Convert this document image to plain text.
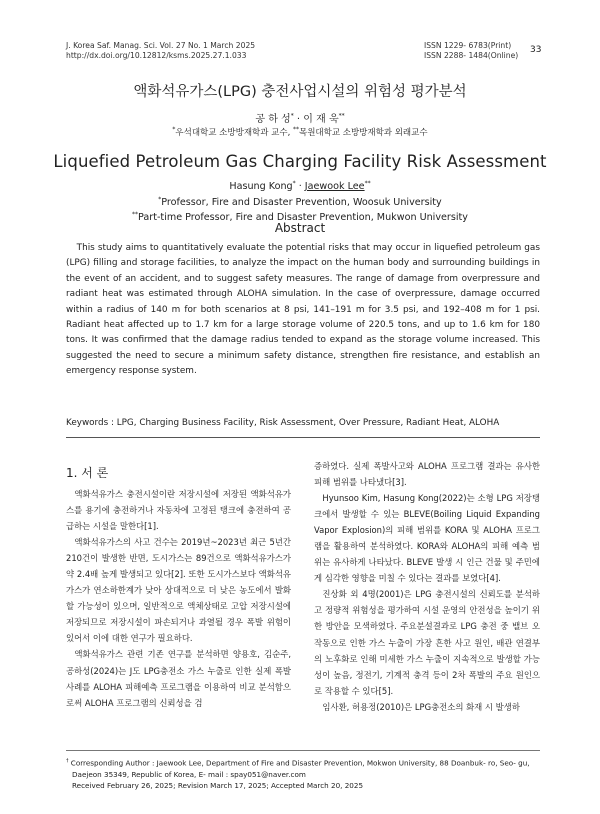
J. Korea Saf. Manag. Sci. Vol. 27 No. 1 March 2025
http://dx.doi.org/10.12812/ksms.2025.27.1.033
ISSN 1229- 6783(Print)
ISSN 2288- 1484(Online)
33
액화석유가스(LPG) 충전사업시설의 위험성 평가분석
공 하 성* · 이 재 욱**
*우석대학교 소방방재학과 교수, **목원대학교 소방방재학과 외래교수
Liquefied Petroleum Gas Charging Facility Risk Assessment
Hasung Kong* · Jaewook Lee**
*Professor, Fire and Disaster Prevention, Woosuk University
**Part-time Professor, Fire and Disaster Prevention, Mukwon University
Abstract
This study aims to quantitatively evaluate the potential risks that may occur in liquefied petroleum gas (LPG) filling and storage facilities, to analyze the impact on the human body and surrounding buildings in the event of an accident, and to suggest safety measures. The range of damage from overpressure and radiant heat was estimated through ALOHA simulation. In the case of overpressure, damage occurred within a radius of 140 m for both scenarios at 8 psi, 141–191 m for 3.5 psi, and 192–408 m for 1 psi. Radiant heat affected up to 1.7 km for a large storage volume of 220.5 tons, and up to 1.6 km for 180 tons. It was confirmed that the damage radius tended to expand as the storage volume increased. This suggested the need to secure a minimum safety distance, strengthen fire resistance, and establish an emergency response system.
Keywords : LPG, Charging Business Facility, Risk Assessment, Over Pressure, Radiant Heat, ALOHA
1. 서 론

액화석유가스 충전시설이란 저장시설에 저장된 액화석유가스를 용기에 충전하거나 자동차에 고정된 탱크에 충전하여 공급하는 시설을 말한다[1].

액화석유가스의 사고 건수는 2019년~2023년 최근 5년간 210건이 발생한 반면, 도시가스는 89건으로 액화석유가스가 약 2.4배 높게 발생되고 있다[2]. 또한 도시가스보다 액화석유가스가 연소하한계가 낮아 상대적으로 더 낮은 농도에서 발화할 가능성이 있으며, 일반적으로 액체상태로 고압 저장시설에 저장되므로 저장시설이 파손되거나 과열될 경우 폭발 위험이 있어서 이에 대한 연구가 필요하다.

액화석유가스 관련 기존 연구를 분석하면 양용호, 김순주, 공하성(2024)는 J도 LPG충전소 가스 누출로 인한 실제 폭발사례를 ALOHA 피해예측 프로그램을 이용하여 비교 분석함으로써 ALOHA 프로그램의 신뢰성을 검

증하였다. 실제 폭발사고와 ALOHA 프로그램 결과는 유사한 피해 범위를 나타냈다[3].

Hyunsoo Kim, Hasung Kong(2022)는 소형 LPG 저장탱크에서 발생할 수 있는 BLEVE(Boiling Liquid Expanding Vapor Explosion)의 피해 범위를 KORA 및 ALOHA 프로그램을 활용하여 분석하였다. KORA와 ALOHA의 피해 예측 범위는 유사하게 나타났다. BLEVE 발생 시 인근 건물 및 주민에게 심각한 영향을 미칠 수 있다는 결과를 보였다[4].

진상화 외 4명(2001)은 LPG 충전시설의 신뢰도를 분석하고 정량적 위험성을 평가하여 시설 운영의 안전성을 높이기 위한 방안을 모색하였다. 주요분설결과로 LPG 충전 중 밸브 오작동으로 인한 가스 누출이 가장 흔한 사고 원인, 배관 연결부의 노후화로 인해 미세한 가스 누출이 지속적으로 발생할 가능성이 높음, 정전기, 기계적 충격 등이 2차 폭발의 주요 원인으로 작용할 수 있다[5].

임사환, 허용정(2010)은 LPG충전소의 화재 시 발생하

† Corresponding Author : Jaewook Lee, Department of Fire and Disaster Prevention, Mokwon University, 88 Doanbuk- ro, Seo- gu, Daejeon 35349, Republic of Korea, E- mail : spay051@naver.com
Received February 26, 2025; Revision March 17, 2025; Accepted March 20, 2025
